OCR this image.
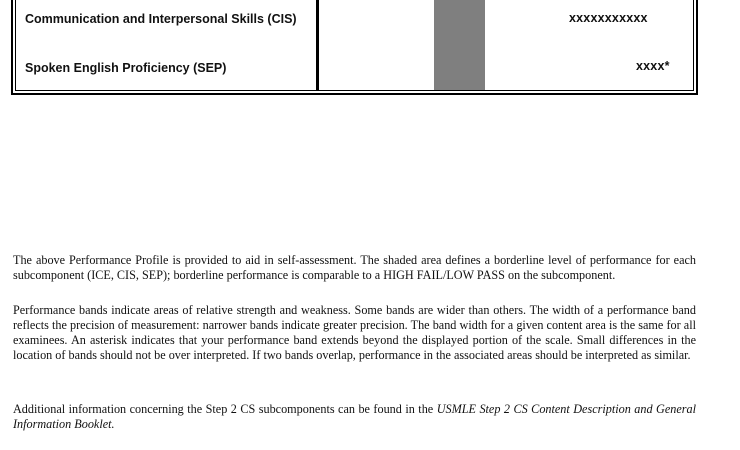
Communication and Interpersonal Skills (CIS)	xxxxxxxxxxx
Spoken English Proficiency (SEP)	xxxx*

The above Performance Profile is provided to aid in self-assessment. The shaded area defines a borderline level of performance for each subcomponent (ICE, CIS, SEP); borderline performance is comparable to a HIGH FAIL/LOW PASS on the subcomponent.

Performance bands indicate areas of relative strength and weakness. Some bands are wider than others. The width of a performance band reflects the precision of measurement: narrower bands indicate greater precision. The band width for a given content area is the same for all examinees. An asterisk indicates that your performance band extends beyond the displayed portion of the scale. Small differences in the location of bands should not be over interpreted. If two bands overlap, performance in the associated areas should be interpreted as similar.

Additional information concerning the Step 2 CS subcomponents can be found in the USMLE Step 2 CS Content Description and General Information Booklet.
